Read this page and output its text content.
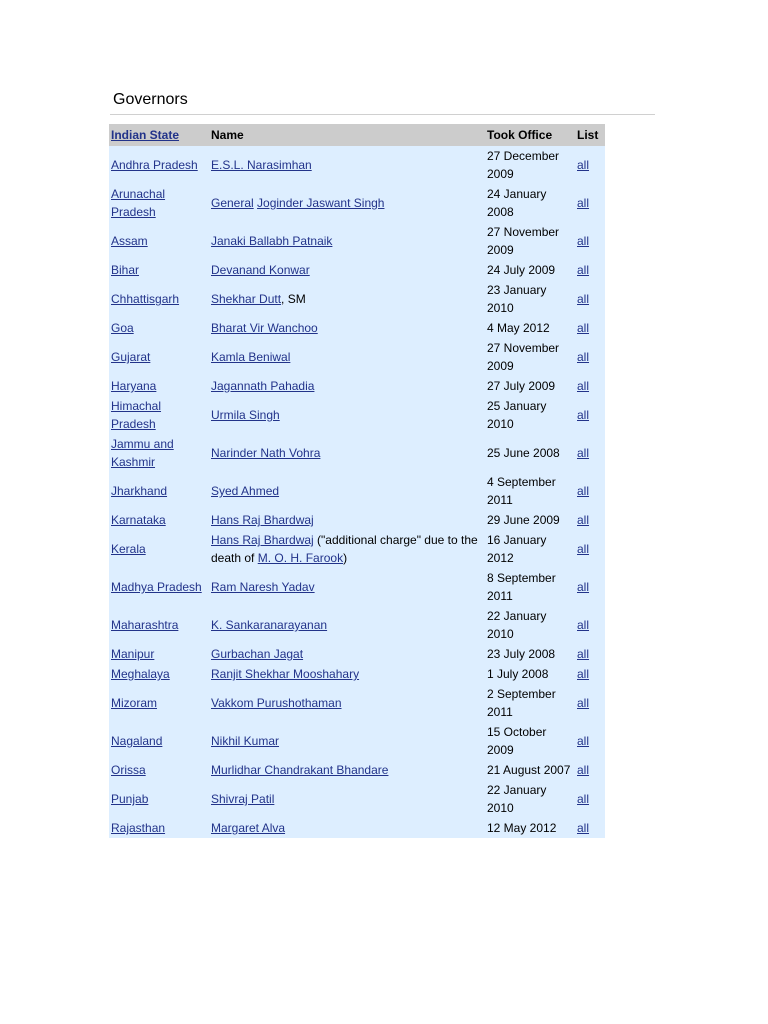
Governors
Indian State	Name	Took Office	List
Andhra Pradesh	E.S.L. Narasimhan	27 December 2009	all
Arunachal Pradesh	General Joginder Jaswant Singh	24 January 2008	all
Assam	Janaki Ballabh Patnaik	27 November 2009	all
Bihar	Devanand Konwar	24 July 2009	all
Chhattisgarh	Shekhar Dutt, SM	23 January 2010	all
Goa	Bharat Vir Wanchoo	4 May 2012	all
Gujarat	Kamla Beniwal	27 November 2009	all
Haryana	Jagannath Pahadia	27 July 2009	all
Himachal Pradesh	Urmila Singh	25 January 2010	all
Jammu and Kashmir	Narinder Nath Vohra	25 June 2008	all
Jharkhand	Syed Ahmed	4 September 2011	all
Karnataka	Hans Raj Bhardwaj	29 June 2009	all
Kerala	Hans Raj Bhardwaj ("additional charge" due to the death of M. O. H. Farook)	16 January 2012	all
Madhya Pradesh	Ram Naresh Yadav	8 September 2011	all
Maharashtra	K. Sankaranarayanan	22 January 2010	all
Manipur	Gurbachan Jagat	23 July 2008	all
Meghalaya	Ranjit Shekhar Mooshahary	1 July 2008	all
Mizoram	Vakkom Purushothaman	2 September 2011	all
Nagaland	Nikhil Kumar	15 October 2009	all
Orissa	Murlidhar Chandrakant Bhandare	21 August 2007	all
Punjab	Shivraj Patil	22 January 2010	all
Rajasthan	Margaret Alva	12 May 2012	all
